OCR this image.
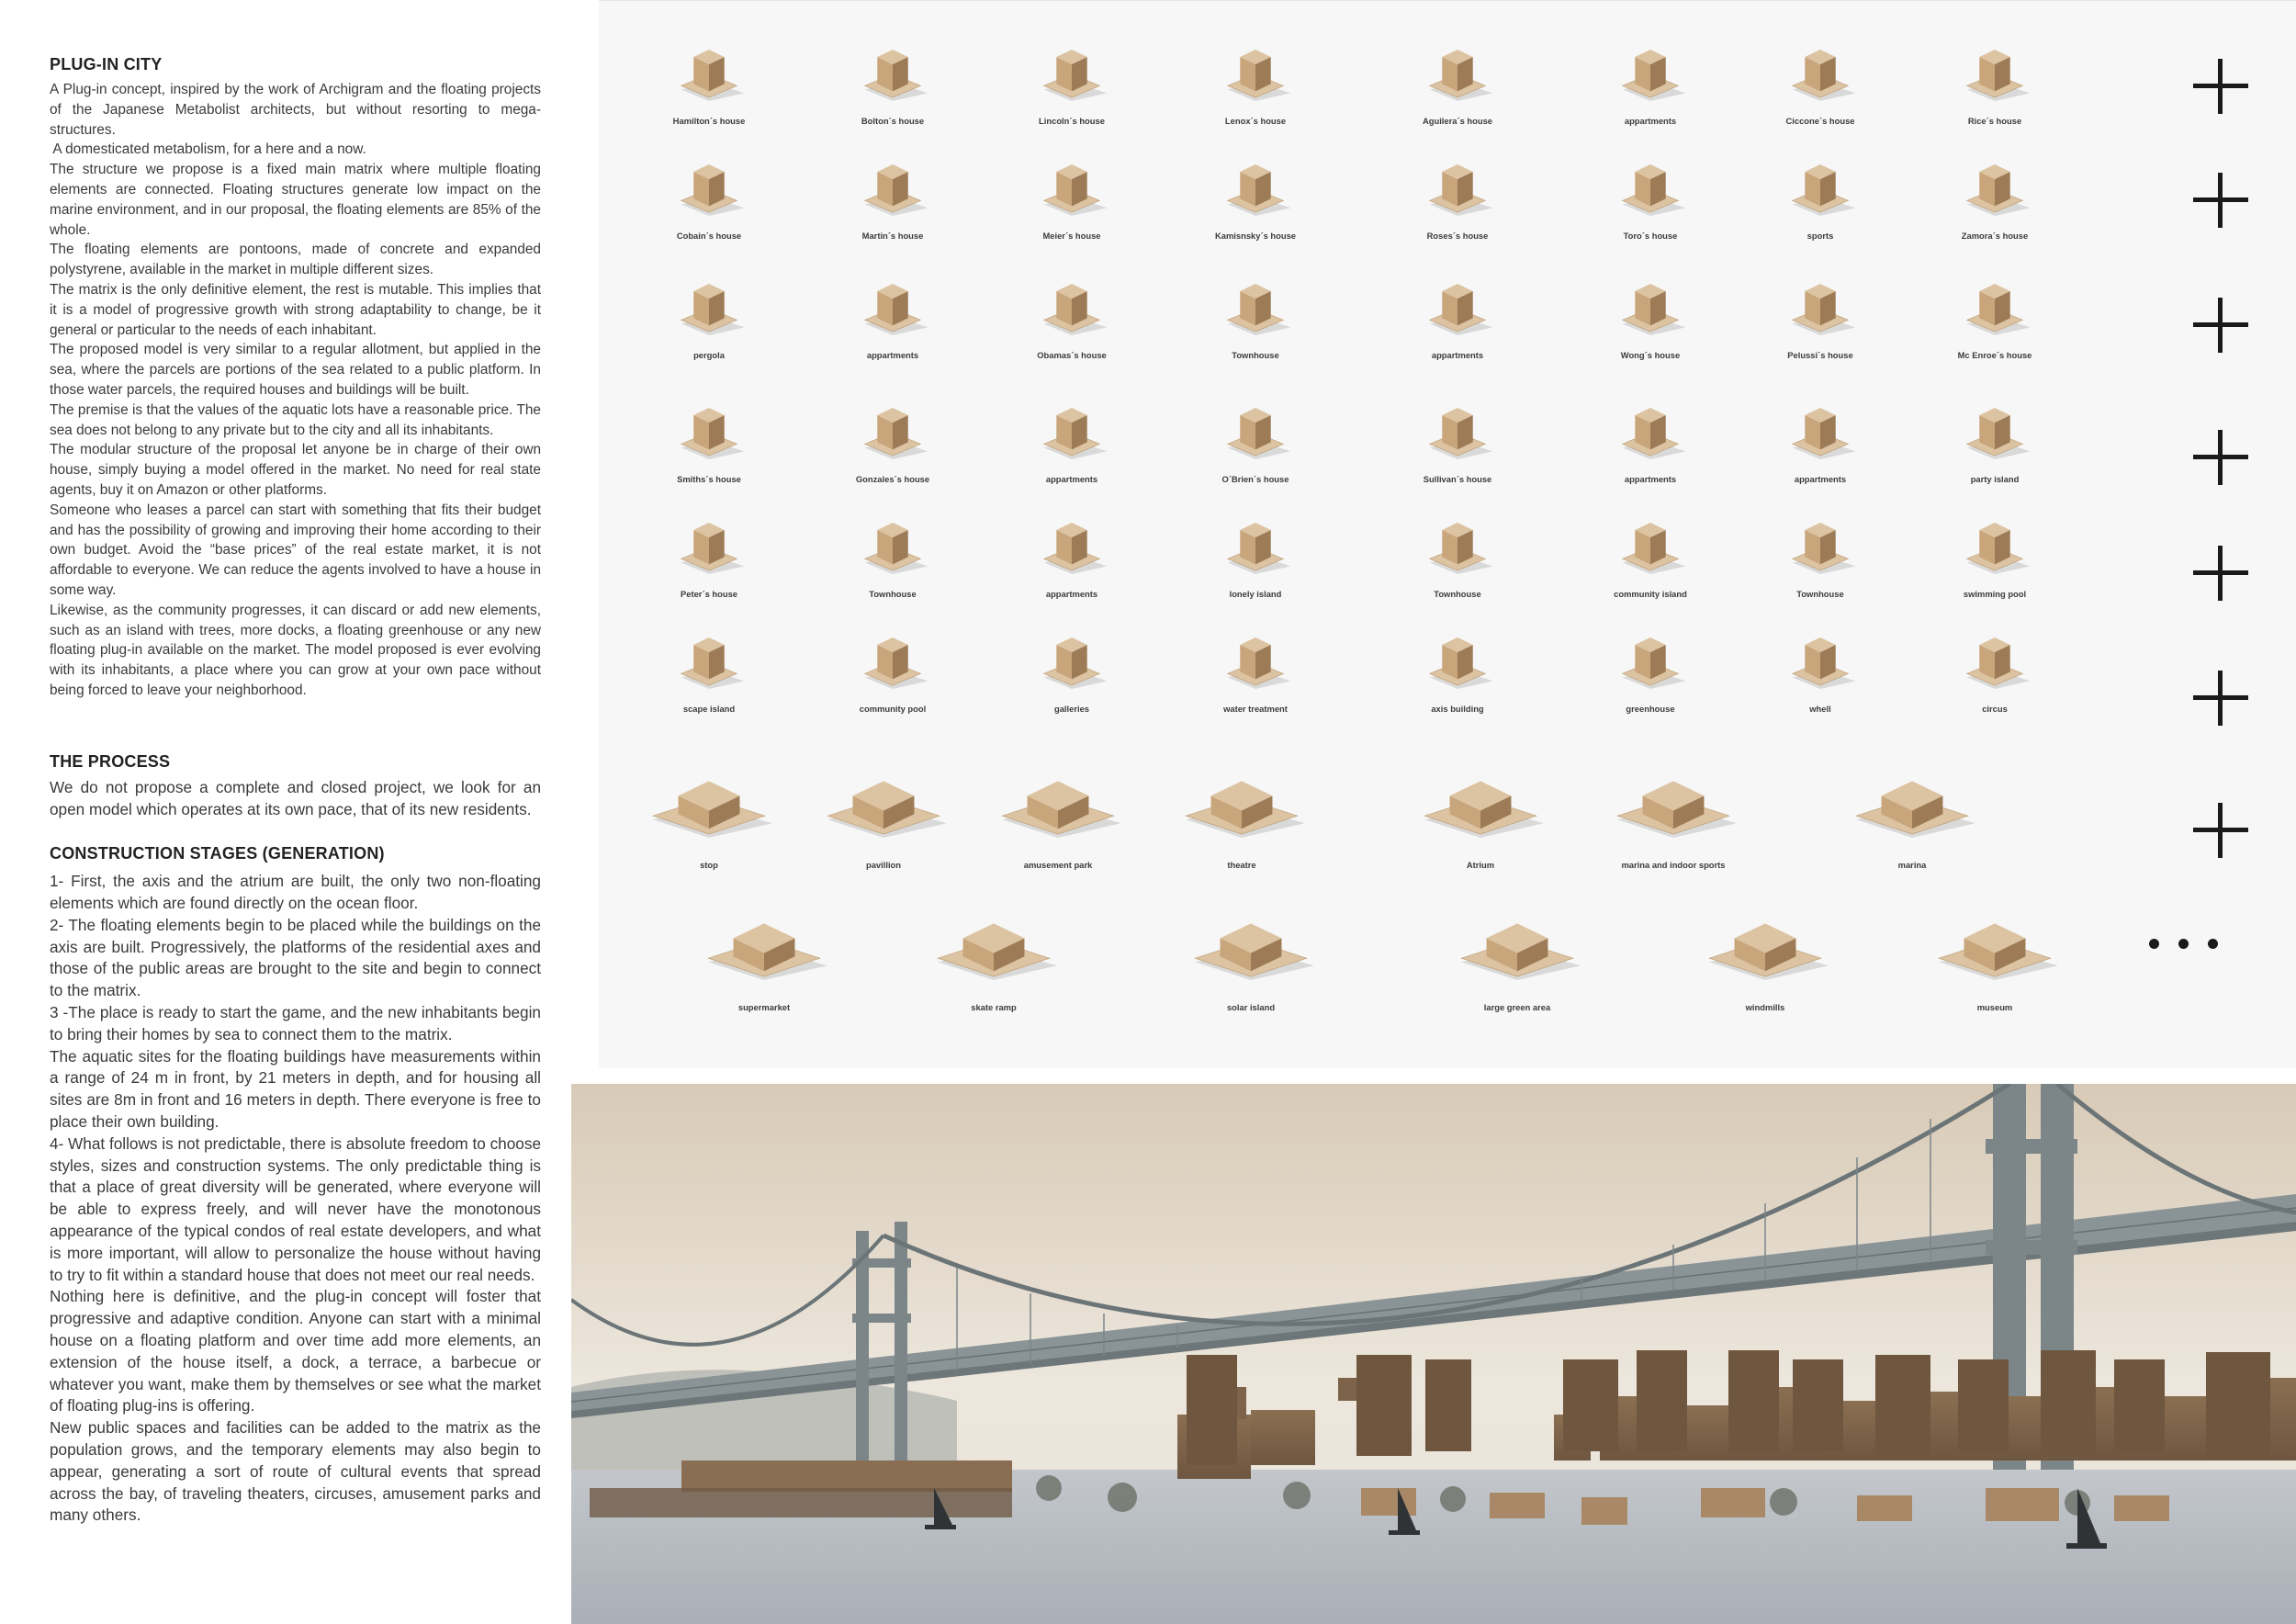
PLUG-IN CITY

A Plug-in concept, inspired by the work of Archigram and the floating projects of the Japanese Metabolist architects, but without resorting to mega-structures.

A domesticated metabolism, for a here and a now.

The structure we propose is a fixed main matrix where multiple floating elements are connected. Floating structures generate low impact on the marine environment, and in our proposal, the floating elements are 85% of the whole.

The floating elements are pontoons, made of concrete and expanded polystyrene, available in the market in multiple different sizes.

The matrix is the only definitive element, the rest is mutable. This implies that it is a model of progressive growth with strong adaptability to change, be it general or particular to the needs of each inhabitant.

The proposed model is very similar to a regular allotment, but applied in the sea, where the parcels are portions of the sea related to a public platform. In those water parcels, the required houses and buildings will be built.

The premise is that the values of the aquatic lots have a reasonable price. The sea does not belong to any private but to the city and all its inhabitants.

The modular structure of the proposal let anyone be in charge of their own house, simply buying a model offered in the market. No need for real state agents, buy it on Amazon or other platforms.

Someone who leases a parcel can start with something that fits their budget and has the possibility of growing and improving their home according to their own budget. Avoid the “base prices” of the real estate market, it is not affordable to everyone. We can reduce the agents involved to have a house in some way.

Likewise, as the community progresses, it can discard or add new elements, such as an island with trees, more docks, a floating greenhouse or any new floating plug-in available on the market. The model proposed is ever evolving with its inhabitants, a place where you can grow at your own pace without being forced to leave your neighborhood.

THE PROCESS

We do not propose a complete and closed project, we look for an open model which operates at its own pace, that of its new residents.

CONSTRUCTION STAGES (GENERATION)

1- First, the axis and the atrium are built, the only two non-floating elements which are found directly on the ocean floor.

2- The floating elements begin to be placed while the buildings on the axis are built. Progressively, the platforms of the residential axes and those of the public areas are brought to the site and begin to connect to the matrix.

3 -The place is ready to start the game, and the new inhabitants begin to bring their homes by sea to connect them to the matrix.

The aquatic sites for the floating buildings have measurements within a range of 24 m in front, by 21 meters in depth, and for housing all sites are 8m in front and 16 meters in depth. There everyone is free to place their own building.

4- What follows is not predictable, there is absolute freedom to choose styles, sizes and construction systems. The only predictable thing is that a place of great diversity will be generated, where everyone will be able to express freely, and will never have the monotonous appearance of the typical condos of real estate developers, and what is more important, will allow to personalize the house without having to try to fit within a standard house that does not meet our real needs.

Nothing here is definitive, and the plug-in concept will foster that progressive and adaptive condition. Anyone can start with a minimal house on a floating platform and over time add more elements, an extension of the house itself, a dock, a terrace, a barbecue or whatever you want, make them by themselves or see what the market of floating plug-ins is offering.

New public spaces and facilities can be added to the matrix as the population grows, and the temporary elements may also begin to appear, generating a sort of route of cultural events that spread across the bay, of traveling theaters, circuses, amusement parks and many others.

Hamilton´s house	Bolton´s house	Lincoln´s house	Lenox´s house	Aguilera´s house	appartments	Ciccone´s house	Rice´s house
Cobain´s house	Martin´s house	Meier´s house	Kamisnsky´s house	Roses´s house	Toro´s house	sports	Zamora´s house
pergola	appartments	Obamas´s house	Townhouse	appartments	Wong´s house	Pelussi´s house	Mc Enroe´s house
Smiths´s house	Gonzales´s house	appartments	O´Brien´s house	Sullivan´s house	appartments	appartments	party island
Peter´s house	Townhouse	appartments	lonely island	Townhouse	community island	Townhouse	swimming pool
scape island	community pool	galleries	water treatment	axis building	greenhouse	whell	circus
stop	pavillion	amusement park	theatre	Atrium	marina and indoor sports	marina
supermarket	skate ramp	solar island	large green area	windmills	museum
